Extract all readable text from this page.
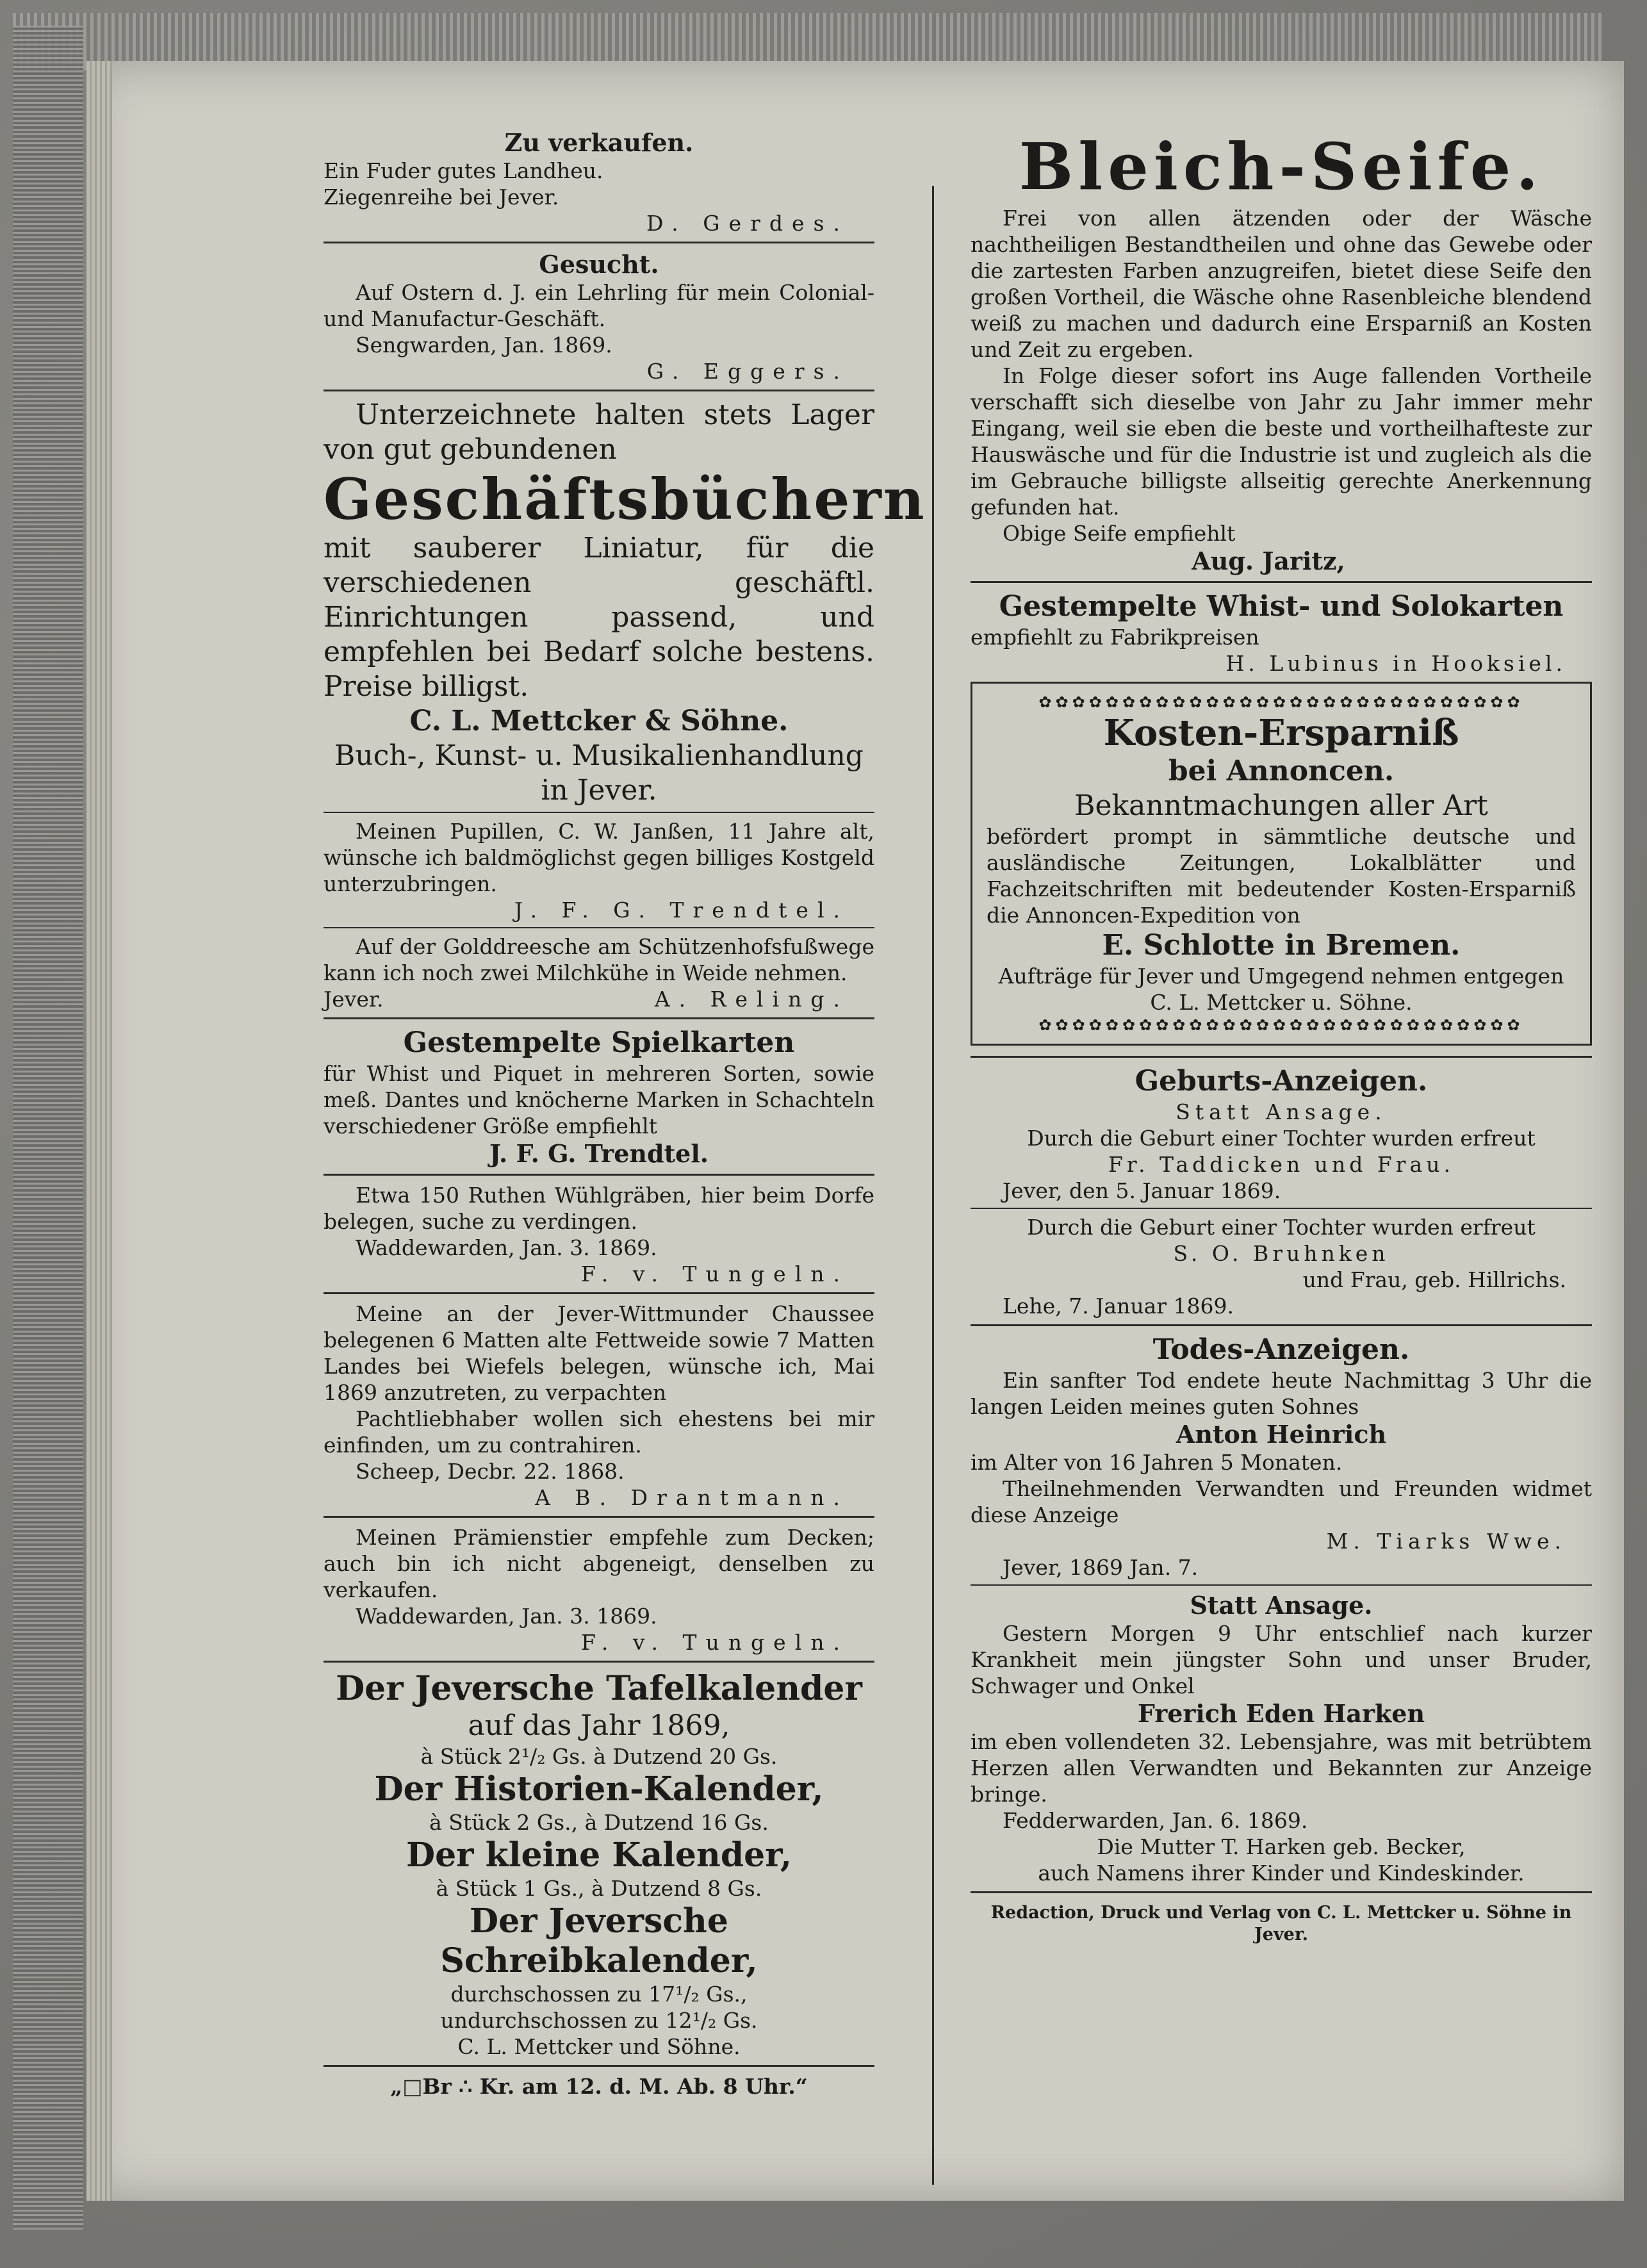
Zu verkaufen.
Ein Fuder gutes Landheu.
Ziegenreihe bei Jever.
D. Gerdes.
Gesucht.
Auf Ostern d. J. ein Lehrling für mein Colonial- und Manufactur-Geschäft.
Sengwarden, Jan. 1869.
G. Eggers.
Unterzeichnete halten stets Lager von gut gebundenen
Geschäftsbüchern
mit sauberer Liniatur, für die verschiedenen geschäftl. Einrichtungen passend, und empfehlen bei Bedarf solche bestens. Preise billigst.
C. L. Mettcker & Söhne.
Buch-, Kunst- u. Musikalienhandlung
in Jever.
Meinen Pupillen, C. W. Janßen, 11 Jahre alt, wünsche ich baldmöglichst gegen billiges Kostgeld unterzubringen.
J. F. G. Trendtel.
Auf der Golddreesche am Schützenhofsfußwege kann ich noch zwei Milchkühe in Weide nehmen.
Jever.	A. Reling.
Gestempelte Spielkarten
für Whist und Piquet in mehreren Sorten, sowie meß. Dantes und knöcherne Marken in Schachteln verschiedener Größe empfiehlt
J. F. G. Trendtel.
Etwa 150 Ruthen Wühlgräben, hier beim Dorfe belegen, suche zu verdingen.
Waddewarden, Jan. 3. 1869.
F. v. Tungeln.
Meine an der Jever-Wittmunder Chaussee belegenen 6 Matten alte Fettweide sowie 7 Matten Landes bei Wiefels belegen, wünsche ich, Mai 1869 anzutreten, zu verpachten
Pachtliebhaber wollen sich ehestens bei mir einfinden, um zu contrahiren.
Scheep, Decbr. 22. 1868.
A B. Drantmann.
Meinen Prämienstier empfehle zum Decken; auch bin ich nicht abgeneigt, denselben zu verkaufen.
Waddewarden, Jan. 3. 1869.
F. v. Tungeln.
Der Jeversche Tafelkalender
auf das Jahr 1869,
à Stück 2¹/₂ Gs. à Dutzend 20 Gs.
Der Historien-Kalender,
à Stück 2 Gs., à Dutzend 16 Gs.
Der kleine Kalender,
à Stück 1 Gs., à Dutzend 8 Gs.
Der Jeversche Schreibkalender,
durchschossen zu 17¹/₂ Gs.,
undurchschossen zu 12¹/₂ Gs.
C. L. Mettcker und Söhne.
„□Br ∴ Kr. am 12. d. M. Ab. 8 Uhr.“
Bleich-Seife.
Frei von allen ätzenden oder der Wäsche nachtheiligen Bestandtheilen und ohne das Gewebe oder die zartesten Farben anzugreifen, bietet diese Seife den großen Vortheil, die Wäsche ohne Rasenbleiche blendend weiß zu machen und dadurch eine Ersparniß an Kosten und Zeit zu ergeben.
In Folge dieser sofort ins Auge fallenden Vortheile verschafft sich dieselbe von Jahr zu Jahr immer mehr Eingang, weil sie eben die beste und vortheilhafteste zur Hauswäsche und für die Industrie ist und zugleich als die im Gebrauche billigste allseitig gerechte Anerkennung gefunden hat.
Obige Seife empfiehlt
Aug. Jaritz,
Gestempelte Whist- und Solokarten
empfiehlt zu Fabrikpreisen
H. Lubinus in Hooksiel.
✿✿✿✿✿✿✿✿✿✿✿✿✿✿✿✿✿✿✿✿✿✿✿✿✿✿✿✿✿
Kosten-Ersparniß
bei Annoncen.
Bekanntmachungen aller Art
befördert prompt in sämmtliche deutsche und ausländische Zeitungen, Lokalblätter und Fachzeitschriften mit bedeutender Kosten-Ersparniß die Annoncen-Expedition von
E. Schlotte in Bremen.
Aufträge für Jever und Umgegend nehmen entgegen C. L. Mettcker u. Söhne.
✿✿✿✿✿✿✿✿✿✿✿✿✿✿✿✿✿✿✿✿✿✿✿✿✿✿✿✿✿
Geburts-Anzeigen.
Statt Ansage.
Durch die Geburt einer Tochter wurden erfreut
Fr. Taddicken und Frau.
Jever, den 5. Januar 1869.
Durch die Geburt einer Tochter wurden erfreut
S. O. Bruhnken
und Frau, geb. Hillrichs.
Lehe, 7. Januar 1869.
Todes-Anzeigen.
Ein sanfter Tod endete heute Nachmittag 3 Uhr die langen Leiden meines guten Sohnes
Anton Heinrich
im Alter von 16 Jahren 5 Monaten.
Theilnehmenden Verwandten und Freunden widmet diese Anzeige
M. Tiarks Wwe.
Jever, 1869 Jan. 7.
Statt Ansage.
Gestern Morgen 9 Uhr entschlief nach kurzer Krankheit mein jüngster Sohn und unser Bruder, Schwager und Onkel
Frerich Eden Harken
im eben vollendeten 32. Lebensjahre, was mit betrübtem Herzen allen Verwandten und Bekannten zur Anzeige bringe.
Fedderwarden, Jan. 6. 1869.
Die Mutter T. Harken geb. Becker,
auch Namens ihrer Kinder und Kindeskinder.
Redaction, Druck und Verlag von C. L. Mettcker u. Söhne in Jever.
